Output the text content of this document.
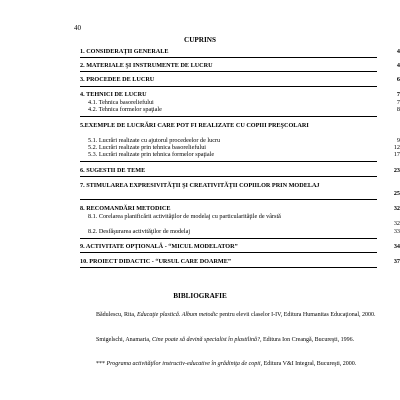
40
CUPRINS
1. CONSIDERAŢII GENERALE	4
2. MATERIALE ŞI INSTRUMENTE DE LUCRU	4
3. PROCEDEE DE LUCRU	6
4. TEHNICI DE LUCRU	7
4.1. Tehnica basoreliefului	7
4.2. Tehnica formelor spaţiale	8
5.EXEMPLE DE LUCRĂRI CARE POT FI REALIZATE CU COPIII PREŞCOLARI
5.1. Lucrări realizate cu ajutorul procedeelor de lucru	9
5.2. Lucrări realizate prin tehnica basoreliefului	12
5.3. Lucrări realizate prin tehnica formelor spaţiale	17
6. SUGESTII DE TEME	23
7. STIMULAREA EXPRESIVITĂŢII ŞI CREATIVITĂŢII COPIILOR PRIN MODELAJ
25
8. RECOMANDĂRI METODICE	32
8.1. Corelarea planificării activităţilor de modelaj cu particularităţile de vârstă
32
8.2. Desfăşurarea activităţilor de modelaj	33
9. ACTIVITATE OPŢIONALĂ - “MICUL MODELATOR”	34
10. PROIECT DIDACTIC - “URSUL CARE DOARME”	37
BIBLIOGRAFIE
Bădulescu, Rita, Educaţie plastică. Album metodic pentru elevii claselor I-IV, Editura Humanitas Educaţional, 2000.
Smigelschi, Anamaria, Cine poate să devină specialist în plastilină?, Editura Ion Creangă, Bucureşti, 1996.
*** Programa activităţilor instructiv-educative în grădiniţa de copii, Editura V&I Integral, Bucureşti, 2000.
